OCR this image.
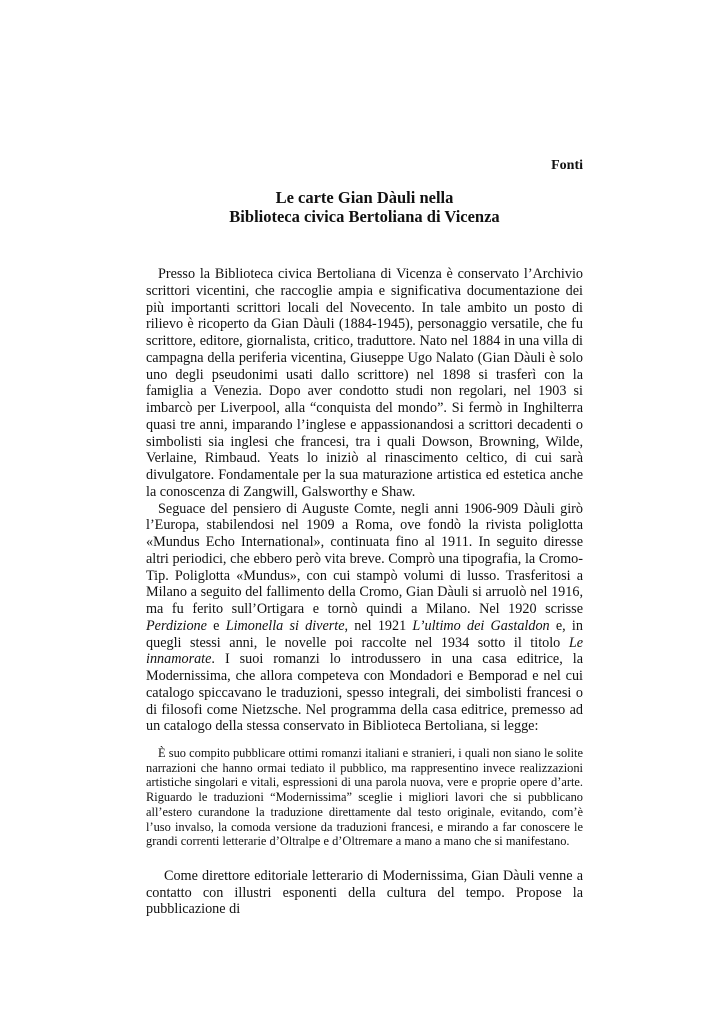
Fonti
Le carte Gian Dàuli nella
Biblioteca civica Bertoliana di Vicenza

Presso la Biblioteca civica Bertoliana di Vicenza è conservato l’Archivio scrittori vicentini, che raccoglie ampia e significativa documentazione dei più importanti scrittori locali del Novecento. In tale ambito un posto di rilievo è ricoperto da Gian Dàuli (1884-1945), personaggio versatile, che fu scrittore, editore, giornalista, critico, traduttore. Nato nel 1884 in una villa di campagna della periferia vicentina, Giuseppe Ugo Nalato (Gian Dàuli è solo uno degli pseudonimi usati dallo scrittore) nel 1898 si trasferì con la famiglia a Venezia. Dopo aver condotto studi non regolari, nel 1903 si imbarcò per Liverpool, alla “conquista del mondo”. Si fermò in Inghilterra quasi tre anni, imparando l’inglese e appassionandosi a scrittori decadenti o simbolisti sia inglesi che francesi, tra i quali Dowson, Browning, Wilde, Verlaine, Rimbaud. Yeats lo iniziò al rinascimento celtico, di cui sarà divulgatore. Fondamentale per la sua maturazione artistica ed estetica anche la conoscenza di Zangwill, Galsworthy e Shaw.

Seguace del pensiero di Auguste Comte, negli anni 1906-909 Dàuli girò l’Europa, stabilendosi nel 1909 a Roma, ove fondò la rivista poliglotta «Mundus Echo International», continuata fino al 1911. In seguito diresse altri periodici, che ebbero però vita breve. Comprò una tipografia, la Cromo-Tip. Poliglotta «Mundus», con cui stampò volumi di lusso. Trasferitosi a Milano a seguito del fallimento della Cromo, Gian Dàuli si arruolò nel 1916, ma fu ferito sull’Ortigara e tornò quindi a Milano. Nel 1920 scrisse Perdizione e Limonella si diverte, nel 1921 L’ultimo dei Gastaldon e, in quegli stessi anni, le novelle poi raccolte nel 1934 sotto il titolo Le innamorate. I suoi romanzi lo introdussero in una casa editrice, la Modernissima, che allora competeva con Mondadori e Bemporad e nel cui catalogo spiccavano le traduzioni, spesso integrali, dei simbolisti francesi o di filosofi come Nietzsche. Nel programma della casa editrice, premesso ad un catalogo della stessa conservato in Biblioteca Bertoliana, si legge:

È suo compito pubblicare ottimi romanzi italiani e stranieri, i quali non siano le solite narrazioni che hanno ormai tediato il pubblico, ma rappresentino invece realizzazioni artistiche singolari e vitali, espressioni di una parola nuova, vere e proprie opere d’arte. Riguardo le traduzioni “Modernissima” sceglie i migliori lavori che si pubblicano all’estero curandone la traduzione direttamente dal testo originale, evitando, com’è l’uso invalso, la comoda versione da traduzioni francesi, e mirando a far conoscere le grandi correnti letterarie d’Oltralpe e d’Oltremare a mano a mano che si manifestano.

Come direttore editoriale letterario di Modernissima, Gian Dàuli venne a contatto con illustri esponenti della cultura del tempo. Propose la pubblicazione di
